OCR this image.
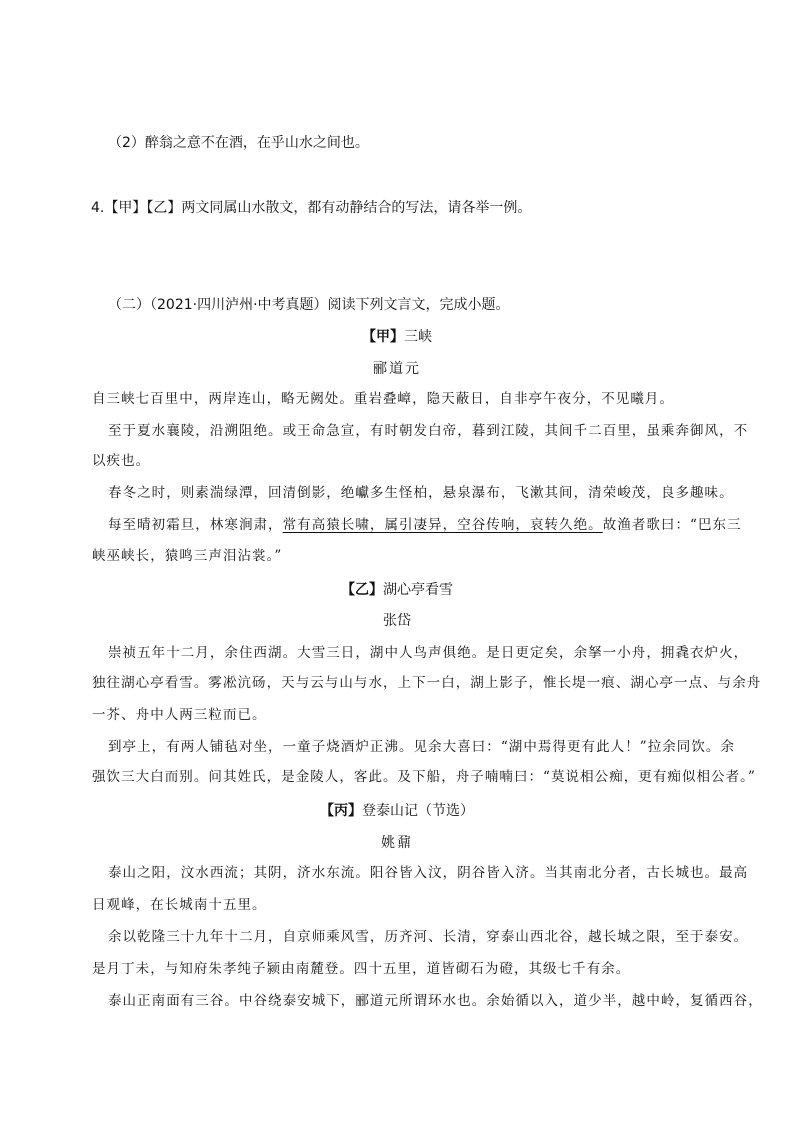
（2）醉翁之意不在酒，在乎山水之间也。
4.【甲】【乙】两文同属山水散文，都有动静结合的写法，请各举一例。
（二）（2021·四川泸州·中考真题）阅读下列文言文，完成小题。
【甲】三峡
郦道元
自三峡七百里中，两岸连山，略无阙处。重岩叠嶂，隐天蔽日，自非亭午夜分，不见曦月。
至于夏水襄陵，沿溯阻绝。或王命急宣，有时朝发白帝，暮到江陵，其间千二百里，虽乘奔御风，不
以疾也。
春冬之时，则素湍绿潭，回清倒影，绝巘多生怪柏，悬泉瀑布，飞漱其间，清荣峻茂，良多趣味。
每至晴初霜旦，林寒涧肃，常有高猿长啸，属引凄异，空谷传响，哀转久绝。故渔者歌曰：“巴东三
峡巫峡长，猿鸣三声泪沾裳。”
【乙】湖心亭看雪
张岱
崇祯五年十二月，余住西湖。大雪三日，湖中人鸟声俱绝。是日更定矣，余拏一小舟，拥毳衣炉火，
独往湖心亭看雪。雾凇沆砀，天与云与山与水，上下一白，湖上影子，惟长堤一痕、湖心亭一点、与余舟
一芥、舟中人两三粒而已。
到亭上，有两人铺毡对坐，一童子烧酒炉正沸。见余大喜曰：“湖中焉得更有此人！”拉余同饮。余
强饮三大白而别。问其姓氏，是金陵人，客此。及下船，舟子喃喃曰：“莫说相公痴，更有痴似相公者。”
【丙】登泰山记（节选）
姚鼐
泰山之阳，汶水西流；其阴，济水东流。阳谷皆入汶，阴谷皆入济。当其南北分者，古长城也。最高
日观峰，在长城南十五里。
余以乾隆三十九年十二月，自京师乘风雪，历齐河、长清，穿泰山西北谷，越长城之限，至于泰安。
是月丁未，与知府朱孝纯子颍由南麓登。四十五里，道皆砌石为磴，其级七千有余。
泰山正南面有三谷。中谷绕泰安城下，郦道元所谓环水也。余始循以入，道少半，越中岭，复循西谷，
